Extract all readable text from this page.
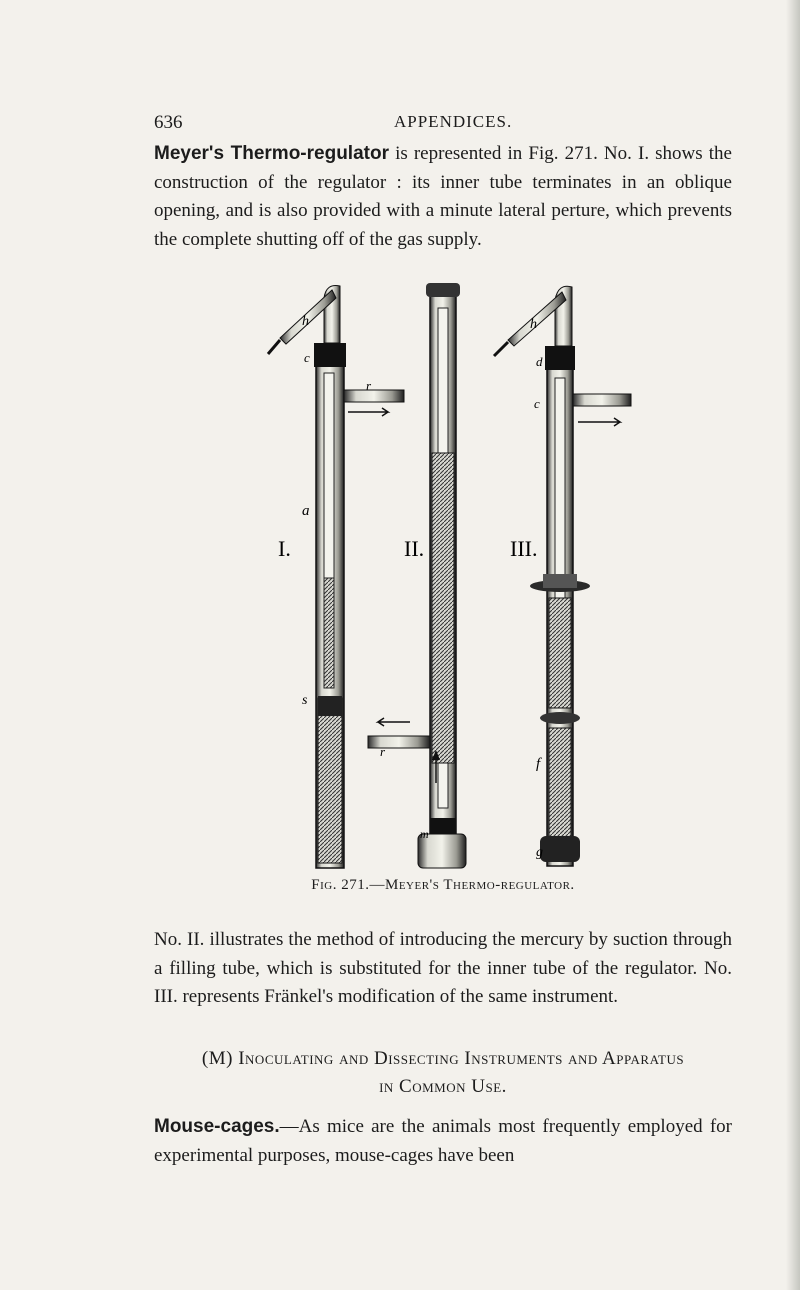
636	APPENDICES.

Meyer's Thermo-regulator is represented in Fig. 271. No. I. shows the construction of the regulator : its inner tube terminates in an oblique opening, and is also provided with a minute lateral perture, which prevents the complete shutting off of the gas supply.

h
c
r
a
s
I.	II.
r
m
h
d
c
f
g
III.
Fig. 271.—Meyer's Thermo-regulator.

No. II. illustrates the method of introducing the mercury by suction through a filling tube, which is substituted for the inner tube of the regulator. No. III. represents Fränkel's modification of the same instrument.

(M) Inoculating and Dissecting Instruments and Apparatus
in Common Use.

Mouse-cages.—As mice are the animals most frequently employed for experimental purposes, mouse-cages have been
